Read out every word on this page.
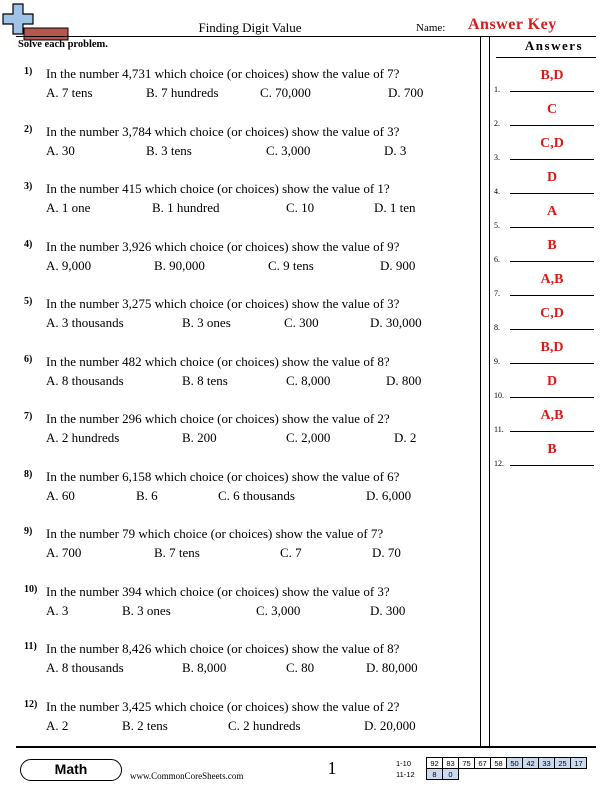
Finding Digit Value	Name: Answer Key
Solve each problem.	Answers
1) In the number 4,731 which choice (or choices) show the value of 7?
A. 7 tens	B. 7 hundreds	C. 70,000	D. 700
2) In the number 3,784 which choice (or choices) show the value of 3?
A. 30	B. 3 tens	C. 3,000	D. 3
3) In the number 415 which choice (or choices) show the value of 1?
A. 1 one	B. 1 hundred	C. 10	D. 1 ten
4) In the number 3,926 which choice (or choices) show the value of 9?
A. 9,000	B. 90,000	C. 9 tens	D. 900
5) In the number 3,275 which choice (or choices) show the value of 3?
A. 3 thousands	B. 3 ones	C. 300	D. 30,000
6) In the number 482 which choice (or choices) show the value of 8?
A. 8 thousands	B. 8 tens	C. 8,000	D. 800
7) In the number 296 which choice (or choices) show the value of 2?
A. 2 hundreds	B. 200	C. 2,000	D. 2
8) In the number 6,158 which choice (or choices) show the value of 6?
A. 60	B. 6	C. 6 thousands	D. 6,000
9) In the number 79 which choice (or choices) show the value of 7?
A. 700	B. 7 tens	C. 7	D. 70
10) In the number 394 which choice (or choices) show the value of 3?
A. 3	B. 3 ones	C. 3,000	D. 300
11) In the number 8,426 which choice (or choices) show the value of 8?
A. 8 thousands	B. 8,000	C. 80	D. 80,000
12) In the number 3,425 which choice (or choices) show the value of 2?
A. 2	B. 2 tens	C. 2 hundreds	D. 20,000
1.
B,D
2.
C
3.
C,D
4.
D
5.
A
6.
B
7.
A,B
8.
C,D
9.
B,D
10.
D
11.
A,B
12.
B
Math	www.CommonCoreSheets.com	1	1-10	92	83	75	67	58	50	42	33	25	17
11-12	8	0								
